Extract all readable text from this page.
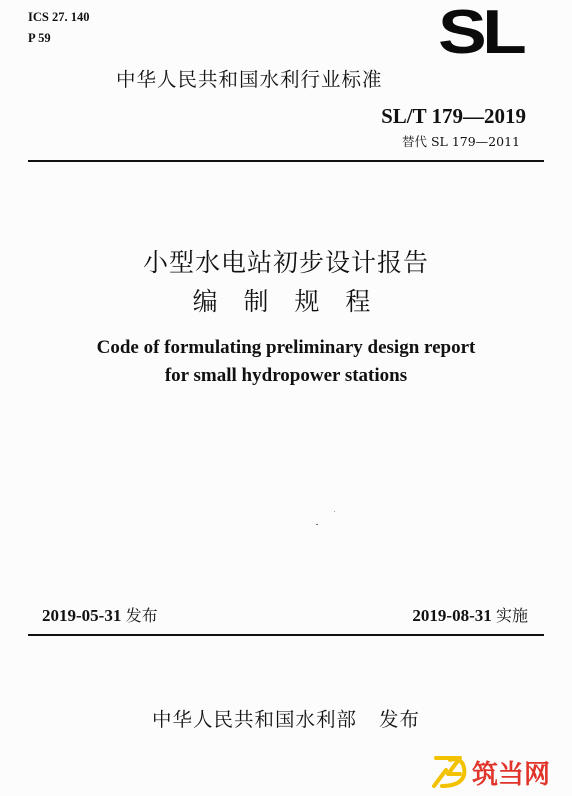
ICS 27. 140
P 59	SL
中华人民共和国水利行业标准
SL/T 179—2019
替代 SL 179—2011
小型水电站初步设计报告
编 制 规 程
Code of formulating preliminary design report
for small hydropower stations
2019-05-31 发布	2019-08-31 实施
中华人民共和国水利部 发布
ZD
筑当网
